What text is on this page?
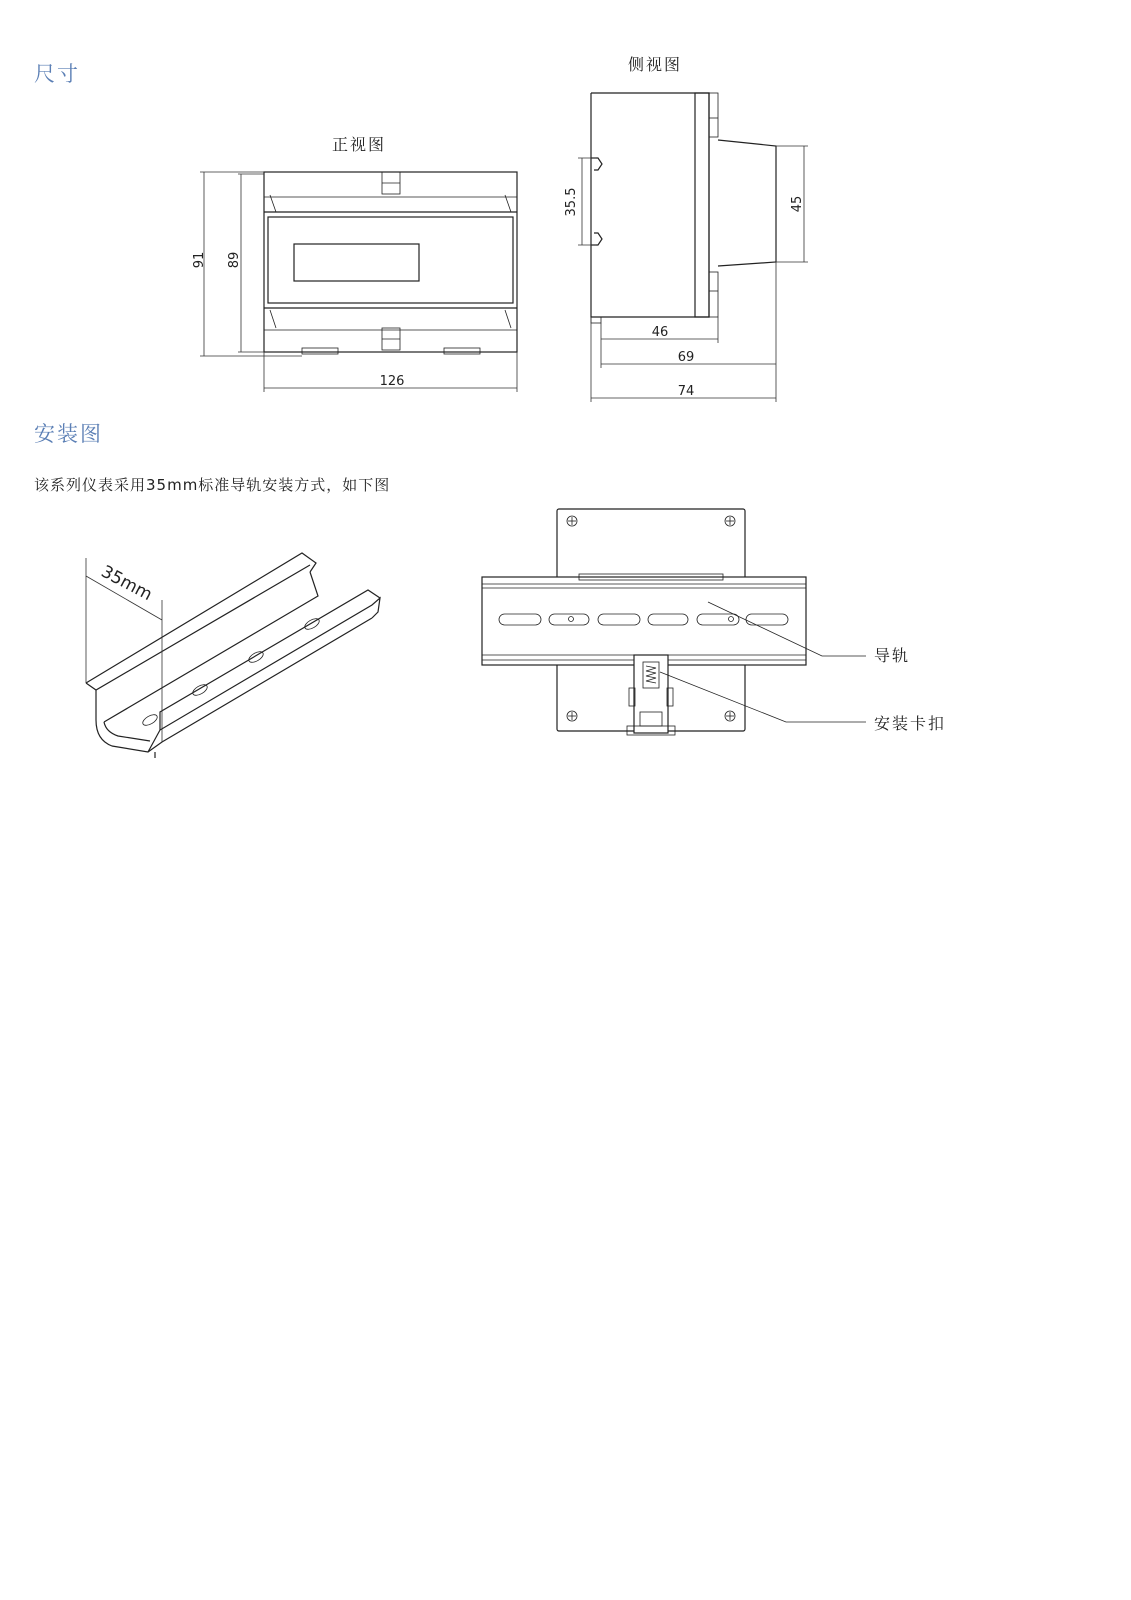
尺寸
安装图
该系列仪表采用35mm标准导轨安装方式，如下图
正视图
91 89
126
侧视图
35.5	45
46
69
74
35mm
导轨
安装卡扣
